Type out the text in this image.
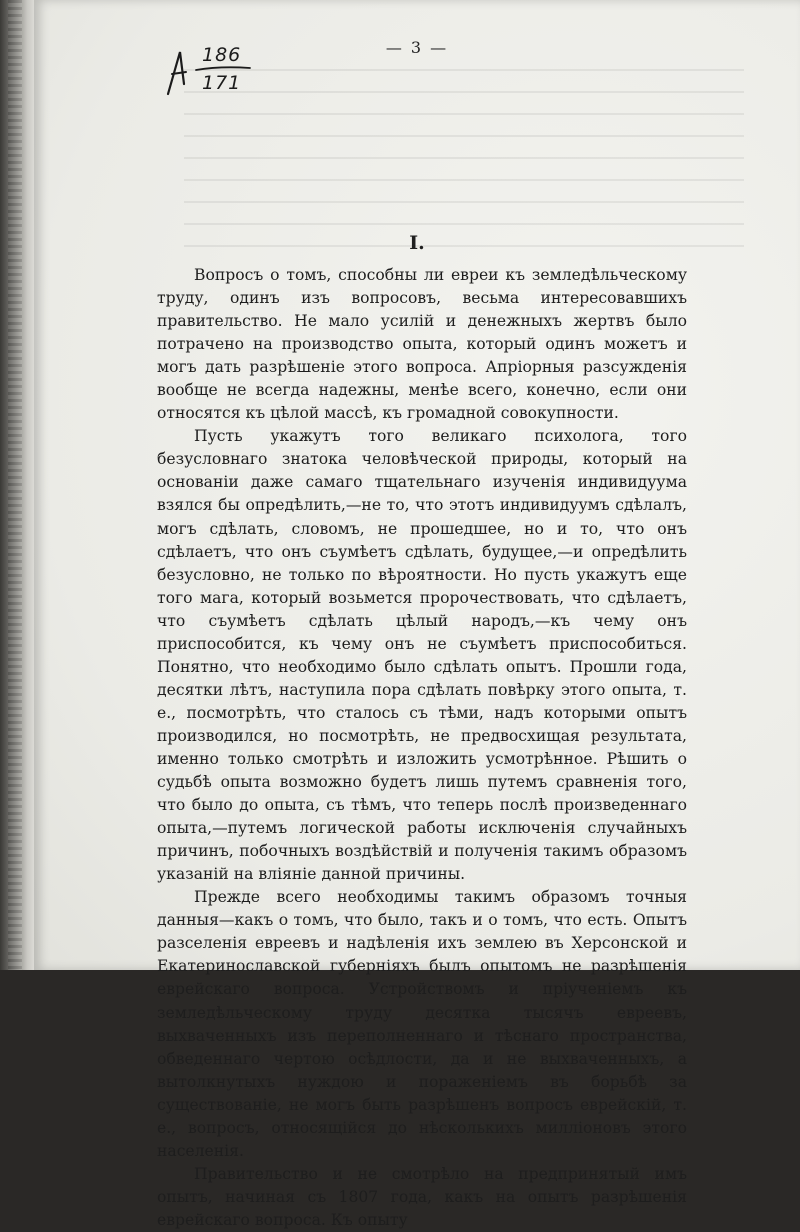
186
171
— 3 —
I.

Вопросъ о томъ, способны ли евреи къ земледѣльческому труду, одинъ изъ вопросовъ, весьма интересовавшихъ правительство. Не мало усилій и денежныхъ жертвъ было потрачено на производство опыта, который одинъ можетъ и могъ дать разрѣшеніе этого вопроса. Апріорныя разсужденія вообще не всегда надежны, менѣе всего, конечно, если они относятся къ цѣлой массѣ, къ громадной совокупности.

Пусть укажутъ того великаго психолога, того безусловнаго знатока человѣческой природы, который на основаніи даже самаго тщательнаго изученія индивидуума взялся бы опредѣлить,—не то, что этотъ индивидуумъ сдѣлалъ, могъ сдѣлать, словомъ, не прошедшее, но и то, что онъ сдѣлаетъ, что онъ съумѣетъ сдѣлать, будущее,—и опредѣлить безусловно, не только по вѣроятности. Но пусть укажутъ еще того мага, который возьмется пророчествовать, что сдѣлаетъ, что съумѣетъ сдѣлать цѣлый народъ,—къ чему онъ приспособится, къ чему онъ не съумѣетъ приспособиться. Понятно, что необходимо было сдѣлать опытъ. Прошли года, десятки лѣтъ, наступила пора сдѣлать повѣрку этого опыта, т. е., посмотрѣть, что сталось съ тѣми, надъ которыми опытъ производился, но посмотрѣть, не предвосхищая результата, именно только смотрѣть и изложить усмотрѣнное. Рѣшить о судьбѣ опыта возможно будетъ лишь путемъ сравненія того, что было до опыта, съ тѣмъ, что теперь послѣ произведеннаго опыта,—путемъ логической работы исключенія случайныхъ причинъ, побочныхъ воздѣйствій и полученія такимъ образомъ указаній на вліяніе данной причины.

Прежде всего необходимы такимъ образомъ точныя данныя—какъ о томъ, что было, такъ и о томъ, что есть. Опытъ разселенія евреевъ и надѣленія ихъ землею въ Херсонской и Екатеринославской губерніяхъ былъ опытомъ не разрѣшенія еврейскаго вопроса. Устройствомъ и пріученіемъ къ земледѣльческому труду десятка тысячъ евреевъ, выхваченныхъ изъ переполненнаго и тѣснаго пространства, обведеннаго чертою осѣдлости, да и не выхваченныхъ, а вытолкнутыхъ нуждою и пораженіемъ въ борьбѣ за существованіе, не могъ быть разрѣшенъ вопросъ еврейскій, т. е., вопросъ, относящійся до нѣсколькихъ милліоновъ этого населенія.

Правительство и не смотрѣло на предпринятый имъ опытъ, начиная съ 1807 года, какъ на опытъ разрѣшенія еврейскаго вопроса. Къ опыту
